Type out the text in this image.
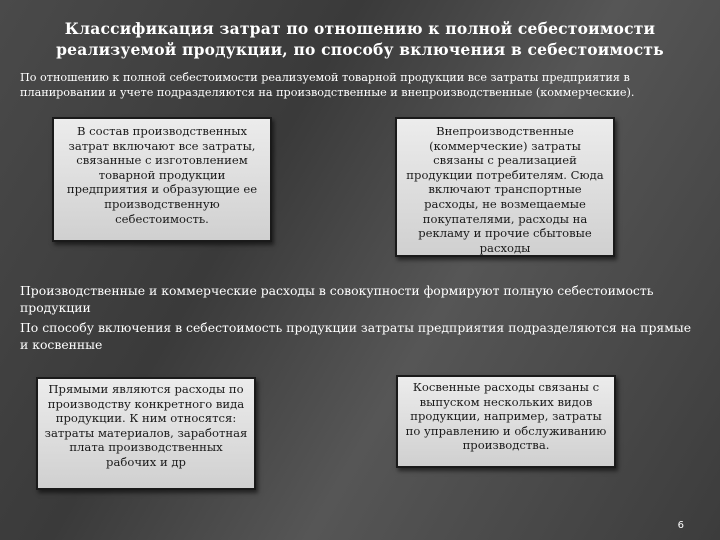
Классификация затрат по отношению к полной себестоимости реализуемой продукции, по способу включения в себестоимость
По отношению к полной себестоимости реализуемой товарной продукции все затраты предприятия в планировании и учете подразделяются на производственные и внепроизводственные (коммерческие).
В состав производственных затрат включают все затраты, связанные с изготовлением товарной продукции предприятия и образующие ее производственную себестоимость.
Внепроизводственные (коммерческие) затраты связаны с реализацией продукции потребителям. Сюда включают транспортные расходы, не возмещаемые покупателями, расходы на рекламу и прочие сбытовые расходы
Производственные и коммерческие расходы в совокупности формируют полную себестоимость продукции
По способу включения в себестоимость продукции затраты предприятия подразделяются на прямые и косвенные
Прямыми являются расходы по производству конкретного вида продукции. К ним относятся: затраты материалов, заработная плата производственных рабочих и др
Косвенные расходы связаны с выпуском нескольких видов продукции, например, затраты по управлению и обслуживанию производства.
6
